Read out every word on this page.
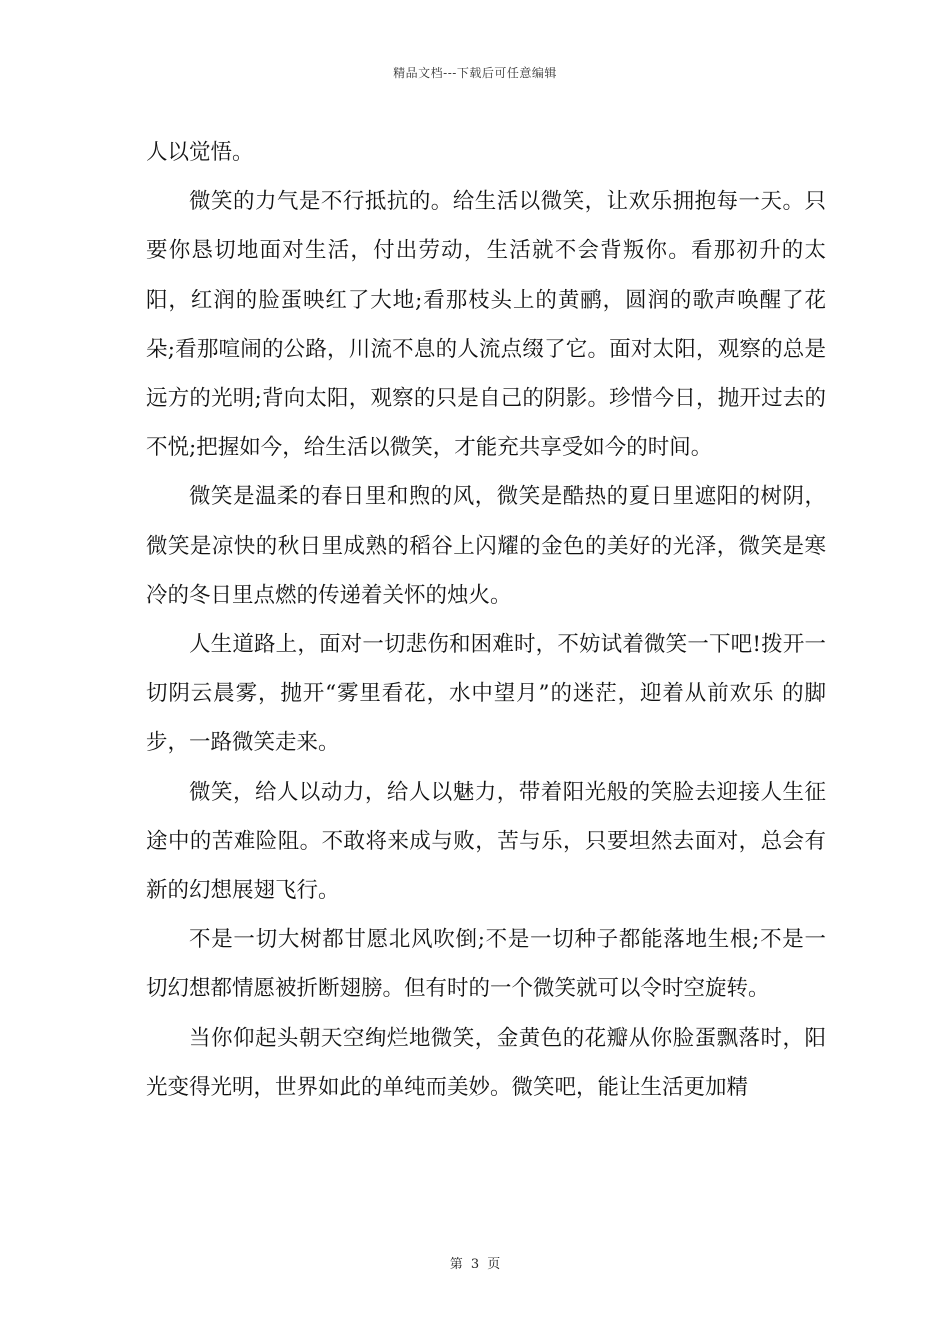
精品文档---下载后可任意编辑

人以觉悟。

微笑的力气是不行抵抗的。给生活以微笑，让欢乐拥抱每一天。只要你恳切地面对生活，付出劳动，生活就不会背叛你。看那初升的太阳，红润的脸蛋映红了大地;看那枝头上的黄鹂，圆润的歌声唤醒了花朵;看那喧闹的公路，川流不息的人流点缀了它。面对太阳，观察的总是远方的光明;背向太阳，观察的只是自己的阴影。珍惜今日，抛开过去的不悦;把握如今，给生活以微笑，才能充共享受如今的时间。

微笑是温柔的春日里和煦的风，微笑是酷热的夏日里遮阳的树阴，微笑是凉快的秋日里成熟的稻谷上闪耀的金色的美好的光泽，微笑是寒冷的冬日里点燃的传递着关怀的烛火。

人生道路上，面对一切悲伤和困难时，不妨试着微笑一下吧!拨开一切阴云晨雾，抛开“雾里看花，水中望月”的迷茫，迎着从前欢乐 的脚步，一路微笑走来。

微笑，给人以动力，给人以魅力，带着阳光般的笑脸去迎接人生征途中的苦难险阻。不敢将来成与败，苦与乐，只要坦然去面对，总会有新的幻想展翅飞行。

不是一切大树都甘愿北风吹倒;不是一切种子都能落地生根;不是一切幻想都情愿被折断翅膀。但有时的一个微笑就可以令时空旋转。

当你仰起头朝天空绚烂地微笑，金黄色的花瓣从你脸蛋飘落时，阳光变得光明，世界如此的单纯而美妙。微笑吧，能让生活更加精

第 3 页
